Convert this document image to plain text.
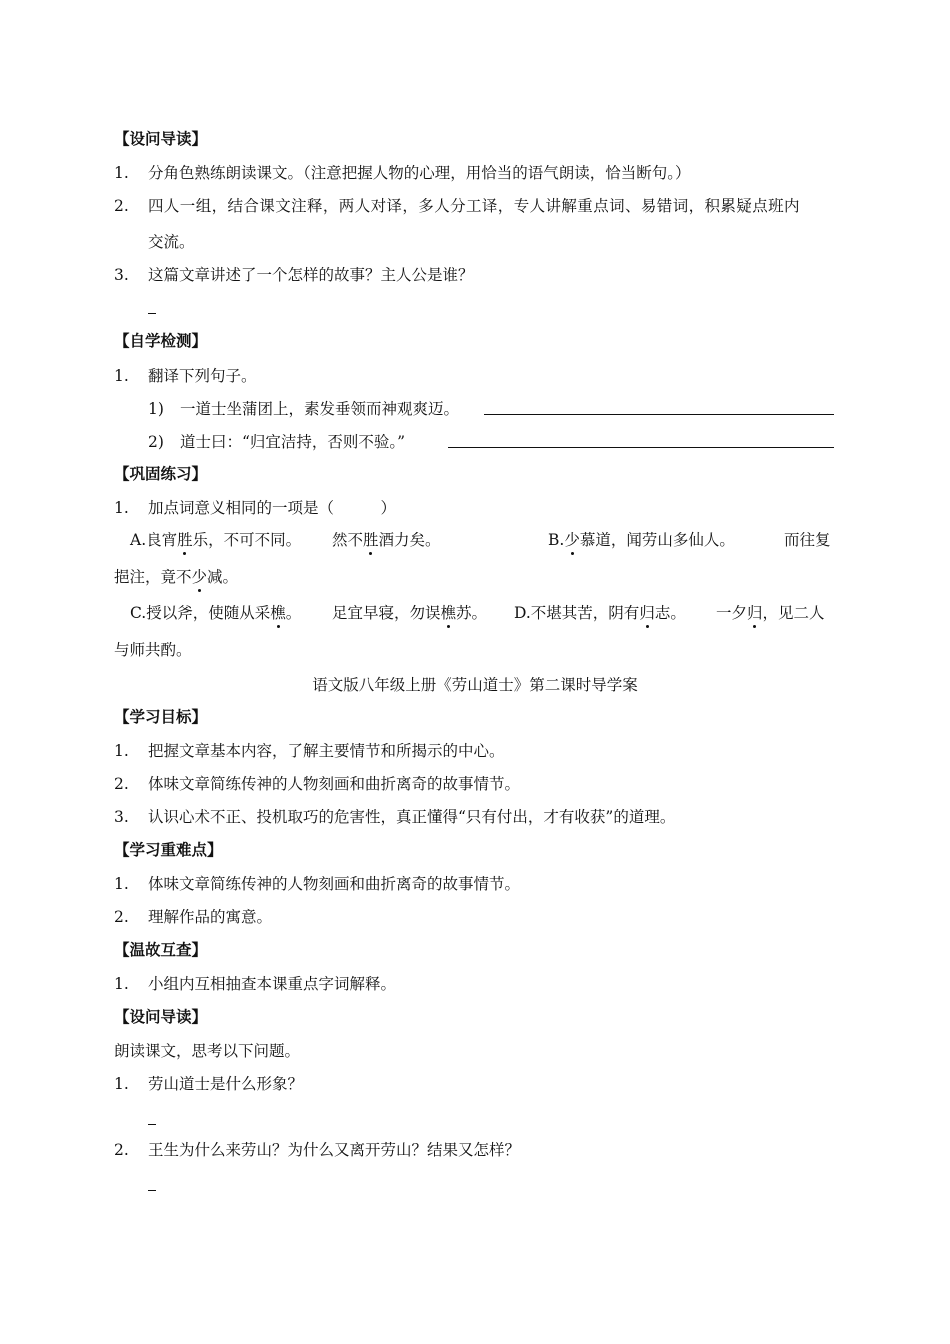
【设问导读】
1. 分角色熟练朗读课文。（注意把握人物的心理，用恰当的语气朗读，恰当断句。）
2. 四人一组，结合课文注释，两人对译，多人分工译，专人讲解重点词、易错词，积累疑点班内
交流。
3. 这篇文章讲述了一个怎样的故事？主人公是谁？
【自学检测】
1. 翻译下列句子。
1) 一道士坐蒲团上，素发垂领而神观爽迈。
2) 道士曰：“归宜洁持，否则不验。”
【巩固练习】
1. 加点词意义相同的一项是（　　　）
A.良宵胜乐，不可不同。 然不胜酒力矣。	B.少慕道，闻劳山多仙人。	而往复
挹注，竟不少减。
C.授以斧，使随从采樵。 足宜早寝，勿误樵苏。 D.不堪其苦，阴有归志。 一夕归，见二人
与师共酌。
语文版八年级上册《劳山道士》第二课时导学案
【学习目标】
1. 把握文章基本内容，了解主要情节和所揭示的中心。
2. 体味文章简练传神的人物刻画和曲折离奇的故事情节。
3. 认识心术不正、投机取巧的危害性，真正懂得“只有付出，才有收获”的道理。
【学习重难点】
1. 体味文章简练传神的人物刻画和曲折离奇的故事情节。
2. 理解作品的寓意。
【温故互查】
1. 小组内互相抽查本课重点字词解释。
【设问导读】
朗读课文，思考以下问题。
1. 劳山道士是什么形象？
2. 王生为什么来劳山？为什么又离开劳山？结果又怎样？
